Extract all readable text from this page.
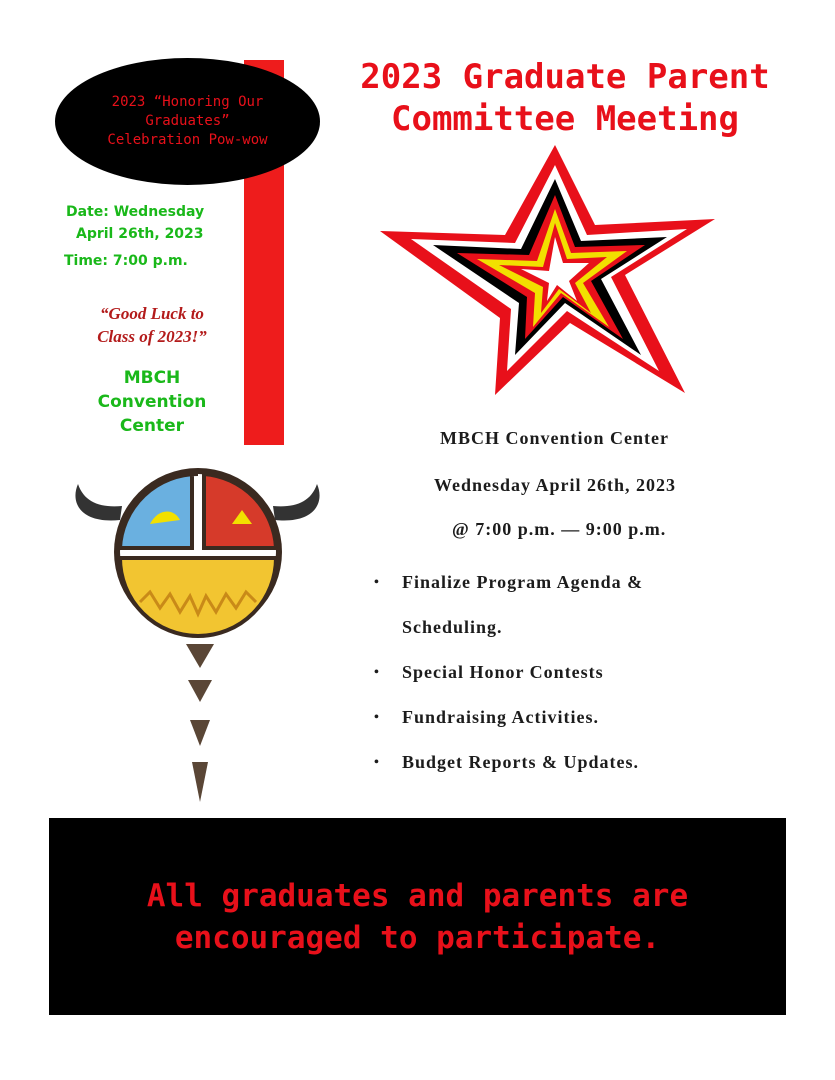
2023 “Honoring Our
Graduates”
Celebration Pow-wow
Date: Wednesday
April 26th, 2023
Time: 7:00 p.m.
“Good Luck to
Class of 2023!”
MBCH
Convention
Center
2023 Graduate Parent
Committee Meeting
MBCH Convention Center
Wednesday April 26th, 2023
@ 7:00 p.m. — 9:00 p.m.
• Finalize Program Agenda &
Scheduling.
• Special Honor Contests
• Fundraising Activities.
• Budget Reports & Updates.
All graduates and parents are
encouraged to participate.
